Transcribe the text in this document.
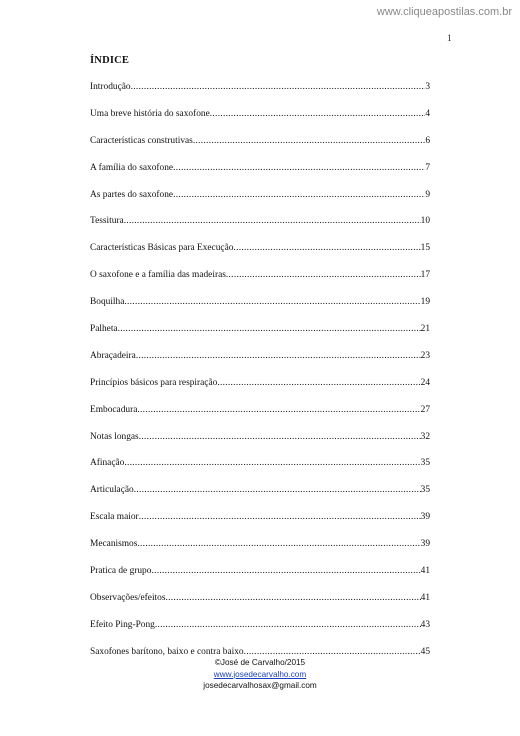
www.cliqueapostilas.com.br
1
ÍNDICE
Introdução .....	3
Uma breve história do saxofone .....	4
Características construtivas .....	6
A família do saxofone .....	7
As partes do saxofone .....	9
Tessitura .....	10
Características Básicas para Execução .....	15
O saxofone e a família das madeiras .....	17
Boquilha .....	19
Palheta .....	21
Abraçadeira .....	23
Princípios básicos para respiração .....	24
Embocadura .....	27
Notas longas .....	32
Afinação .....	35
Articulação .....	35
Escala maior .....	39
Mecanismos .....	39
Pratica de grupo .....	41
Observações/efeitos .....	41
Efeito Ping-Pong .....	43
Saxofones barítono, baixo e contra baixo .....	45
©José de Carvalho/2015
www.josedecarvalho.com
josedecarvalhosax@gmail.com
